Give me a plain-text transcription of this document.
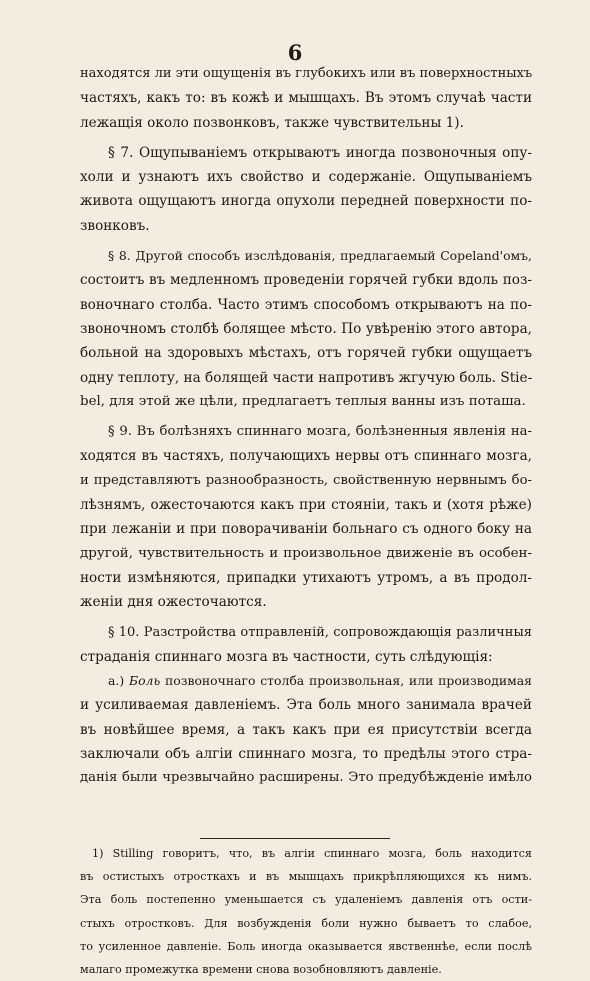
6
находятся ли эти ощущенія въ глубокихъ или въ поверхностныхъ
частяхъ, какъ то: въ кожѣ и мышцахъ. Въ этомъ случаѣ части
лежащія около позвонковъ, также чувствительны 1).
§ 7. Ощупываніемъ открываютъ иногда позвоночныя опу-
холи и узнаютъ ихъ свойство и содержаніе. Ощупываніемъ
живота ощущаютъ иногда опухоли передней поверхности по-
звонковъ.
§ 8. Другой способъ изслѣдованія, предлагаемый Copeland'омъ,
состоитъ въ медленномъ проведеніи горячей губки вдоль поз-
воночнаго столба. Часто этимъ способомъ открываютъ на по-
звоночномъ столбѣ болящее мѣсто. По увѣренію этого автора,
больной на здоровыхъ мѣстахъ, отъ горячей губки ощущаетъ
одну теплоту, на болящей части напротивъ жгучую боль. Stie-
bel, для этой же цѣли, предлагаетъ теплыя ванны изъ поташа.
§ 9. Въ болѣзняхъ спиннаго мозга, болѣзненныя явленія на-
ходятся въ частяхъ, получающихъ нервы отъ спиннаго мозга,
и представляютъ разнообразность, свойственную нервнымъ бо-
лѣзнямъ, ожесточаются какъ при стояніи, такъ и (хотя рѣже)
при лежаніи и при поворачиваніи больнаго съ одного боку на
другой, чувствительность и произвольное движеніе въ особен-
ности измѣняются, припадки утихаютъ утромъ, а въ продол-
женіи дня ожесточаются.
§ 10. Разстройства отправленій, сопровождающія различныя
страданія спиннаго мозга въ частности, суть слѣдующія:
a.) Боль позвоночнаго столба произвольная, или производимая
и усиливаемая давленіемъ. Эта боль много занимала врачей
въ новѣйшее время, а такъ какъ при ея присутствіи всегда
заключали объ алгіи спиннаго мозга, то предѣлы этого стра-
данія были чрезвычайно расширены. Это предубѣжденіе имѣло
1) Stilling говоритъ, что, въ алгіи спиннаго мозга, боль находится
въ остистыхъ отросткахъ и въ мышцахъ прикрѣпляющихся къ нимъ.
Эта боль постепенно уменьшается съ удаленіемъ давленія отъ ости-
стыхъ отростковъ. Для возбужденія боли нужно бываетъ то слабое,
то усиленное давленіе. Боль иногда оказывается явственнѣе, если послѣ
малаго промежутка времени снова возобновляютъ давленіе.
